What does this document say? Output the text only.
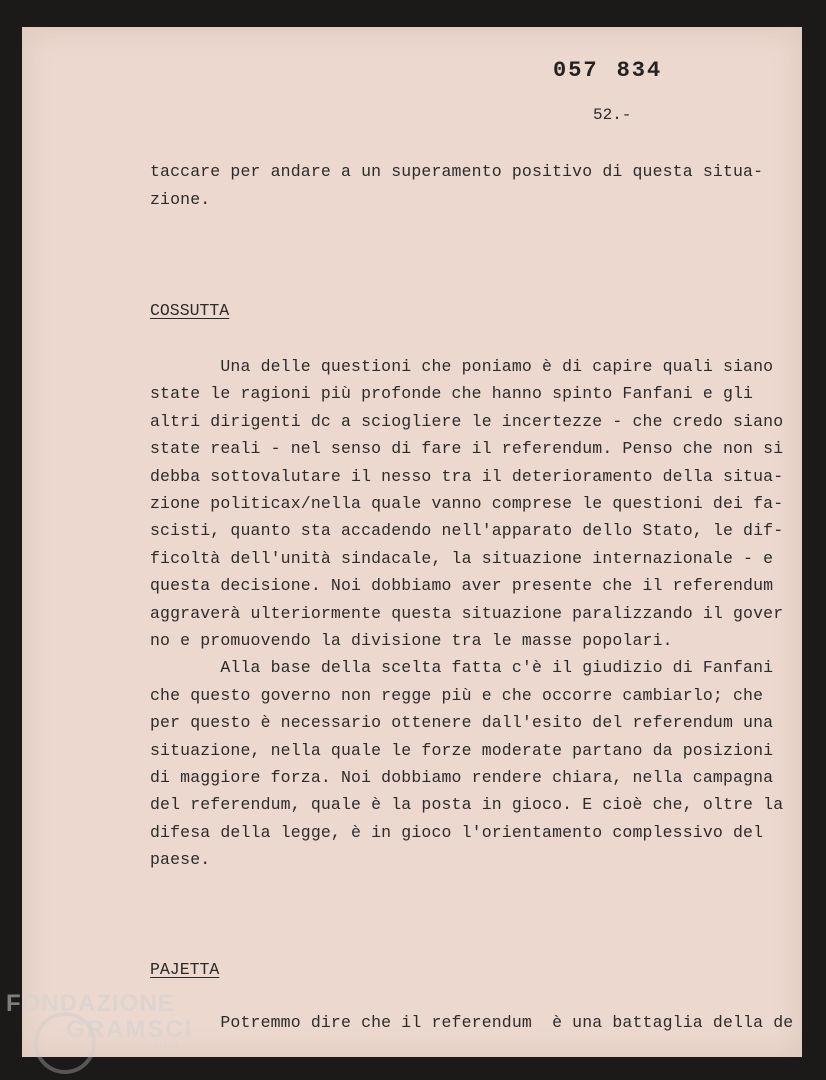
057 834
52.-
taccare per andare a un superamento positivo di questa situa-
zione.
COSSUTTA
Una delle questioni che poniamo è di capire quali siano
state le ragioni più profonde che hanno spinto Fanfani e gli
altri dirigenti dc a sciogliere le incertezze - che credo siano
state reali - nel senso di fare il referendum. Penso che non si
debba sottovalutare il nesso tra il deterioramento della situa-
zione politicax/nella quale vanno comprese le questioni dei fa-
scisti, quanto sta accadendo nell'apparato dello Stato, le dif-
ficoltà dell'unità sindacale, la situazione internazionale - e
questa decisione. Noi dobbiamo aver presente che il referendum
aggraverà ulteriormente questa situazione paralizzando il gover
no e promuovendo la divisione tra le masse popolari.
Alla base della scelta fatta c'è il giudizio di Fanfani
che questo governo non regge più e che occorre cambiarlo; che
per questo è necessario ottenere dall'esito del referendum una
situazione, nella quale le forze moderate partano da posizioni
di maggiore forza. Noi dobbiamo rendere chiara, nella campagna
del referendum, quale è la posta in gioco. E cioè che, oltre la
difesa della legge, è in gioco l'orientamento complessivo del
paese.
PAJETTA
Potremmo dire che il referendum  è una battaglia della de
FONDAZIONE
GRAMSCI
onlus
